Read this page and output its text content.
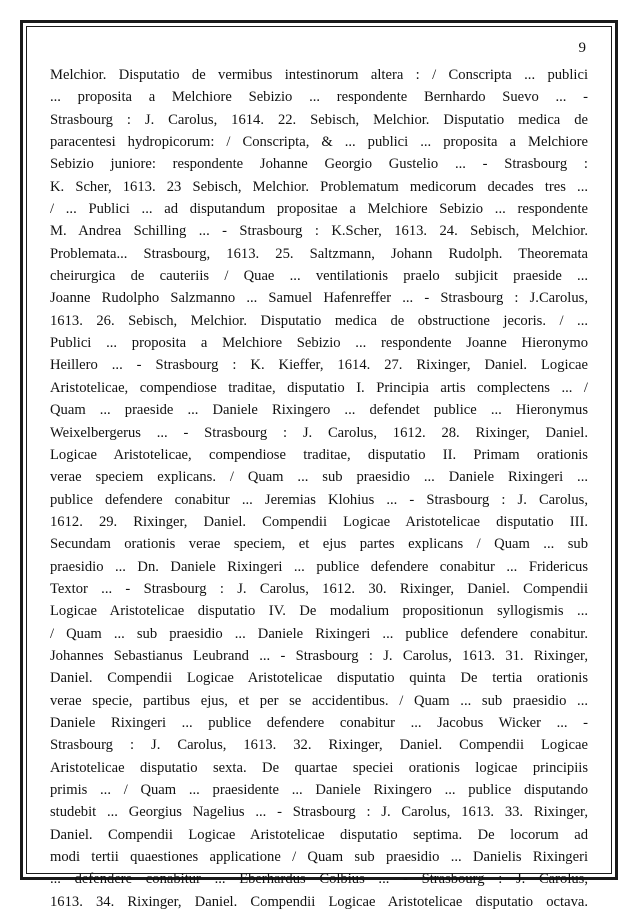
9
Melchior. Disputatio de vermibus intestinorum altera : / Conscripta ... publici
... proposita a Melchiore Sebizio ... respondente Bernhardo Suevo ... -
Strasbourg : J. Carolus, 1614. 22. Sebisch, Melchior. Disputatio medica de
paracentesi hydropicorum: / Conscripta, & ... publici ... proposita a Melchiore
Sebizio juniore: respondente Johanne Georgio Gustelio ... - Strasbourg :
K. Scher, 1613. 23 Sebisch, Melchior. Problematum medicorum decades tres ...
/ ... Publici ... ad disputandum propositae a Melchiore Sebizio ... respondente
M. Andrea Schilling ... - Strasbourg : K.Scher, 1613. 24. Sebisch, Melchior.
Problemata... Strasbourg, 1613. 25. Saltzmann, Johann Rudolph. Theoremata
cheirurgica de cauteriis / Quae ... ventilationis praelo subjicit praeside ...
Joanne Rudolpho Salzmanno ... Samuel Hafenreffer ... - Strasbourg : J.Carolus,
1613. 26. Sebisch, Melchior. Disputatio medica de obstructione jecoris. / ...
Publici ... proposita a Melchiore Sebizio ... respondente Joanne Hieronymo
Heillero ... - Strasbourg : K. Kieffer, 1614. 27. Rixinger, Daniel. Logicae
Aristotelicae, compendiose traditae, disputatio I. Principia artis complectens ... /
Quam ... praeside ... Daniele Rixingero ... defendet publice ... Hieronymus
Weixelbergerus ... - Strasbourg : J. Carolus, 1612. 28. Rixinger, Daniel.
Logicae Aristotelicae, compendiose traditae, disputatio II. Primam orationis
verae speciem explicans. / Quam ... sub praesidio ... Daniele Rixingeri ...
publice defendere conabitur ... Jeremias Klohius ... - Strasbourg : J. Carolus,
1612. 29. Rixinger, Daniel. Compendii Logicae Aristotelicae disputatio III.
Secundam orationis verae speciem, et ejus partes explicans / Quam ... sub
praesidio ... Dn. Daniele Rixingeri ... publice defendere conabitur ... Fridericus
Textor ... - Strasbourg : J. Carolus, 1612. 30. Rixinger, Daniel. Compendii
Logicae Aristotelicae disputatio IV. De modalium propositionun syllogismis ...
/ Quam ... sub praesidio ... Daniele Rixingeri ... publice defendere conabitur.
Johannes Sebastianus Leubrand ... - Strasbourg : J. Carolus, 1613. 31. Rixinger,
Daniel. Compendii Logicae Aristotelicae disputatio quinta De tertia orationis
verae specie, partibus ejus, et per se accidentibus. / Quam ... sub praesidio ...
Daniele Rixingeri ... publice defendere conabitur ... Jacobus Wicker ... -
Strasbourg : J. Carolus, 1613. 32. Rixinger, Daniel. Compendii Logicae
Aristotelicae disputatio sexta. De quartae speciei orationis logicae principiis
primis ... / Quam ... praesidente ... Daniele Rixingero ... publice disputando
studebit ... Georgius Nagelius ... - Strasbourg : J. Carolus, 1613. 33. Rixinger,
Daniel. Compendii Logicae Aristotelicae disputatio septima. De locorum ad
modi tertii quaestiones applicatione / Quam sub praesidio ... Danielis Rixingeri
... defendere conabitur ... Eberhardus Colbius ... - Strasbourg : J. Carolus,
1613. 34. Rixinger, Daniel. Compendii Logicae Aristotelicae disputatio octava.
